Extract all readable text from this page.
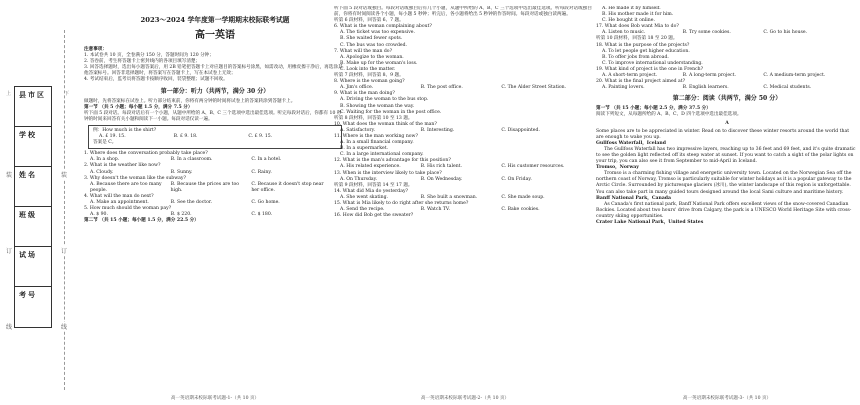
上	下
县市区
学校
姓名
班级
试场
考号
装
订
线
装
订
线
2023～2024 学年度第一学期期末校际联考试题
高一英语

注意事项：

1. 本试卷共 10 页，全卷满分 150 分，答题时间为 120 分钟；

2. 答卷前，考生将答题卡上密封线内的各项目填写清楚；

3. 回答选择题时，选出每小题答案后，用 2B 铅笔把答题卡上对应题目的答案标号涂黑，如需改动，用橡皮擦干净后，再选涂其他答案标号。回答非选择题时，将答案写在答题卡上，写在本试卷上无效；

4. 考试结束后，监考员将答题卡按顺序收回，装袋整理；试题不回收。

第一部分：听力（共两节，满分 30 分）

做题时，先将答案标在试卷上。听力部分结束前，你将有两分钟的时间将试卷上的答案转涂到答题卡上。

第一节 （共 5 小题；每小题 1.5 分，满分 7.5 分）

听下面 5 段对话。每段对话后有一个小题，从题中所给的 A、B、C 三个选项中选出最佳选项。听完每段对话后，你都有 10 秒钟的时间来回答有关小题和阅读下一小题。每段对话仅读一遍。

例：How much is the shirt?

A. £ 19. 15.	B. £ 9. 18.	C. £ 9. 15.

答案是 C。

1. Where does the conversation probably take place?

A. In a shop.	B. In a classroom.	C. In a hotel.

2. What is the weather like now?

A. Cloudy.	B. Sunny.	C. Rainy.

3. Why doesn't the woman like the subway?

A. Because there are too many people.
B. Because the prices are too high.
C. Because it doesn't stop near her office.

4. What will the man do next?

A. Make an appointment.	B. See the doctor.	C. Go home.

5. How much should the woman pay?

A. $ 90.	B. $ 220.	C. $ 180.

第二节 （共 15 小题；每小题 1.5 分，满分 22.5 分）

高一英语期末校际联考试题-1-（共 10 页）

听下面 5 段对话或独白。每段对话或独白后有几个小题，从题中所给的 A、B、C 三个选项中选出最佳选项。听每段对话或独白前，你将有时间阅读各个小题，每小题 5 秒钟；听完后，各小题将给出 5 秒钟的作答时间。每段对话或独白读两遍。

听第 6 段材料，回答第 6、7 题。

6. What is the woman complaining about?

A. The ticket was too expensive.

B. She waited fewer spots.

C. The bus was too crowded.

7. What will the man do?

A. Apologize to the woman.

B. Make up for the woman's loss.

C. Look into the matter.

听第 7 段材料，回答第 8、9 题。

8. Where is the woman going?

A. Jim's office.	B. The post office.	C. The Alder Street Station.

9. What is the man doing?

A. Driving the woman to the bus stop.

B. Showing the woman the way.

C. Waiting for the woman in the post office.

听第 8 段材料，回答第 10 至 13 题。

10. What does the woman think of the man?

A. Satisfactory.	B. Interesting.	C. Disappointed.

11. Where is the man working now?

A. In a small financial company.

B. In a supermarket.

C. In a large international company.

12. What is the man's advantage for this position?

A. His related experience.	B. His rich talent.	C. His customer resources.

13. When is the interview likely to take place?

A. On Thursday.	B. On Wednesday.	C. On Friday.

听第 9 段材料，回答第 14 至 17 题。

14. What did Mia do yesterday?

A. She went skating.	B. She built a snowman.	C. She made soup.

15. What is Mia likely to do right after she returns home?

A. Send the recipe.	B. Watch TV.	C. Bake cookies.

16. How did Bob get the sweater?

高一英语期末校际联考试题-2-（共 10 页）

A. He made it by himself.

B. His mother made it for him.

C. He bought it online.

17. What does Bob want Mia to do?

A. Listen to music.	B. Try some cookies.	C. Go to his house.

听第 10 段材料，回答第 18 至 20 题。

18. What is the purpose of the projects?

A. To let people get higher education.

B. To offer jobs from abroad.

C. To improve international understanding.

19. What kind of project is the one in French?

A. A short-term project.	B. A long-term project.	C. A medium-term project.

20. What is the final project aimed at?

A. Painting lovers.	B. English learners.	C. Medical students.
第二部分：阅读（共两节，满分 50 分）

第一节 （共 15 小题；每小题 2.5 分，满分 37.5 分）

阅读下列短文，从每题所给的 A、B、C、D 四个选项中选出最佳选项。

A

Some places are to be appreciated in winter. Read on to discover these winter resorts around the world that are enough to wake you up.

Gullfoss Waterfall，Iceland

The Gullfoss Waterfall has two impressive layers, reaching up to 36 feet and 69 feet, and it's quite dramatic to see the golden light reflected off its steep water at sunset. If you want to catch a sight of the polar lights on your trip, you can also see it from September to mid-April in Iceland.

Tromso，Norway

Tromso is a charming fishing village and energetic university town. Located on the Norwegian Sea off the northern coast of Norway, Tromso is particularly suitable for winter holidays as it is a popular gateway to the Arctic Circle. Surrounded by picturesque glaciers (冰川), the winter landscape of this region is unforgettable. You can also take part in many guided tours designed around the local Sami culture and maritime history.

Banff National Park，Canada

As Canada's first national park, Banff National Park offers excellent views of the snow-covered Canadian Rockies. Located about two hours' drive from Calgary, the park is a UNESCO World Heritage Site with cross-country skiing opportunities.

Crater Lake National Park，United States

高一英语期末校际联考试题-3-（共 10 页）
